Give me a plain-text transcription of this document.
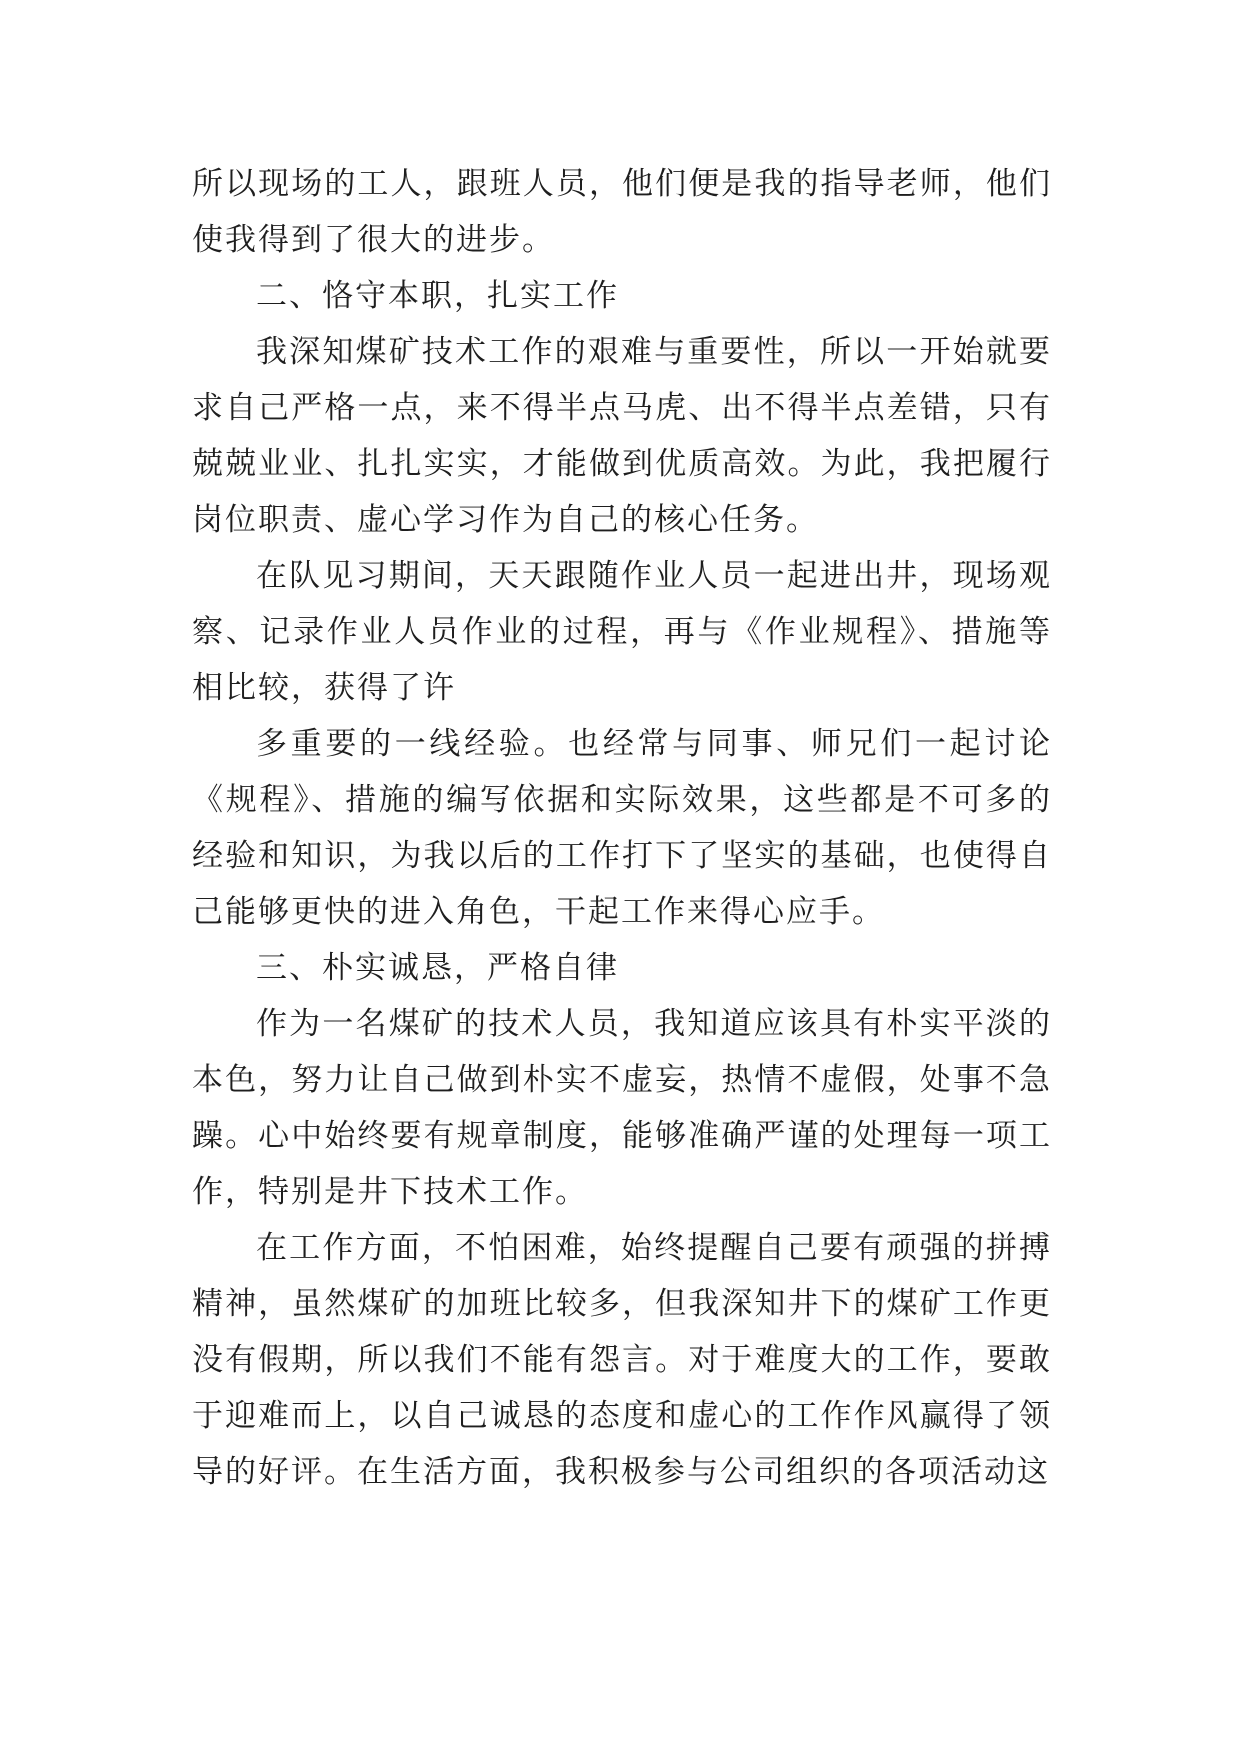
所以现场的工人，跟班人员，他们便是我的指导老师，他们使我得到了很大的进步。

二、恪守本职，扎实工作

我深知煤矿技术工作的艰难与重要性，所以一开始就要求自己严格一点，来不得半点马虎、出不得半点差错，只有兢兢业业、扎扎实实，才能做到优质高效。为此，我把履行岗位职责、虚心学习作为自己的核心任务。

在队见习期间，天天跟随作业人员一起进出井，现场观察、记录作业人员作业的过程，再与《作业规程》、措施等相比较，获得了许

多重要的一线经验。也经常与同事、师兄们一起讨论《规程》、措施的编写依据和实际效果，这些都是不可多的经验和知识，为我以后的工作打下了坚实的基础，也使得自己能够更快的进入角色，干起工作来得心应手。

三、朴实诚恳，严格自律

作为一名煤矿的技术人员，我知道应该具有朴实平淡的本色，努力让自己做到朴实不虚妄，热情不虚假，处事不急躁。心中始终要有规章制度，能够准确严谨的处理每一项工作，特别是井下技术工作。

在工作方面，不怕困难，始终提醒自己要有顽强的拼搏精神，虽然煤矿的加班比较多，但我深知井下的煤矿工作更没有假期，所以我们不能有怨言。对于难度大的工作，要敢于迎难而上，以自己诚恳的态度和虚心的工作作风赢得了领导的好评。在生活方面，我积极参与公司组织的各项活动这
